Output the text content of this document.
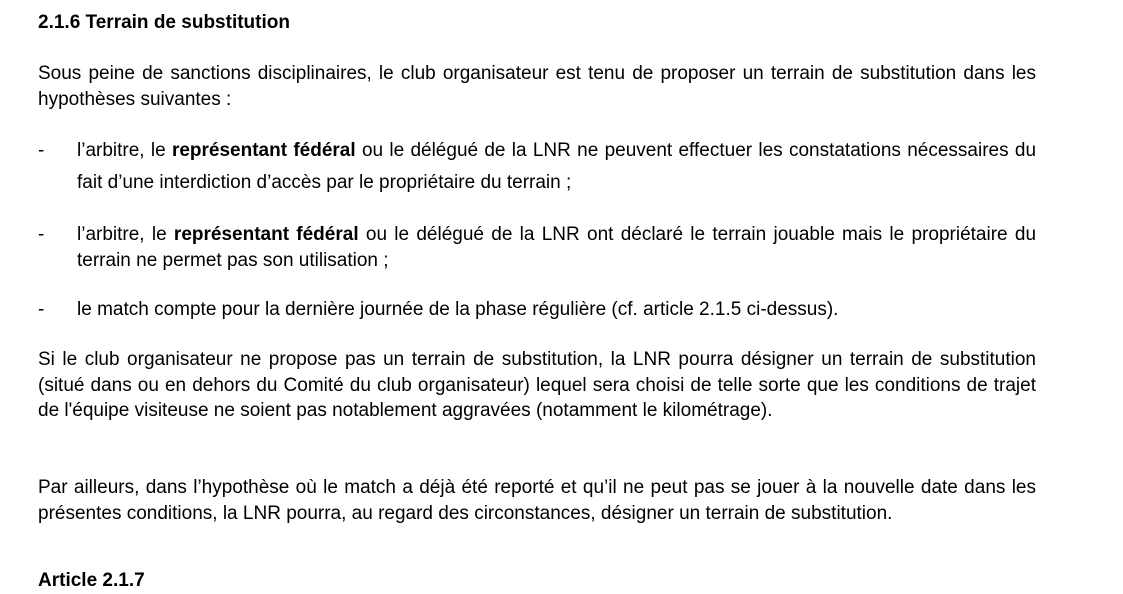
2.1.6 Terrain de substitution

Sous peine de sanctions disciplinaires, le club organisateur est tenu de proposer un terrain de substitution dans les hypothèses suivantes :

- l’arbitre, le représentant fédéral ou le délégué de la LNR ne peuvent effectuer les constatations nécessaires du fait d’une interdiction d’accès par le propriétaire du terrain ;

- l’arbitre, le représentant fédéral ou le délégué de la LNR ont déclaré le terrain jouable mais le propriétaire du terrain ne permet pas son utilisation ;

- le match compte pour la dernière journée de la phase régulière (cf. article 2.1.5 ci-dessus).

Si le club organisateur ne propose pas un terrain de substitution, la LNR pourra désigner un terrain de substitution (situé dans ou en dehors du Comité du club organisateur) lequel sera choisi de telle sorte que les conditions de trajet de l'équipe visiteuse ne soient pas notablement aggravées (notamment le kilométrage).

Par ailleurs, dans l’hypothèse où le match a déjà été reporté et qu’il ne peut pas se jouer à la nouvelle date dans les présentes conditions, la LNR pourra, au regard des circonstances, désigner un terrain de substitution.

Article 2.1.7
